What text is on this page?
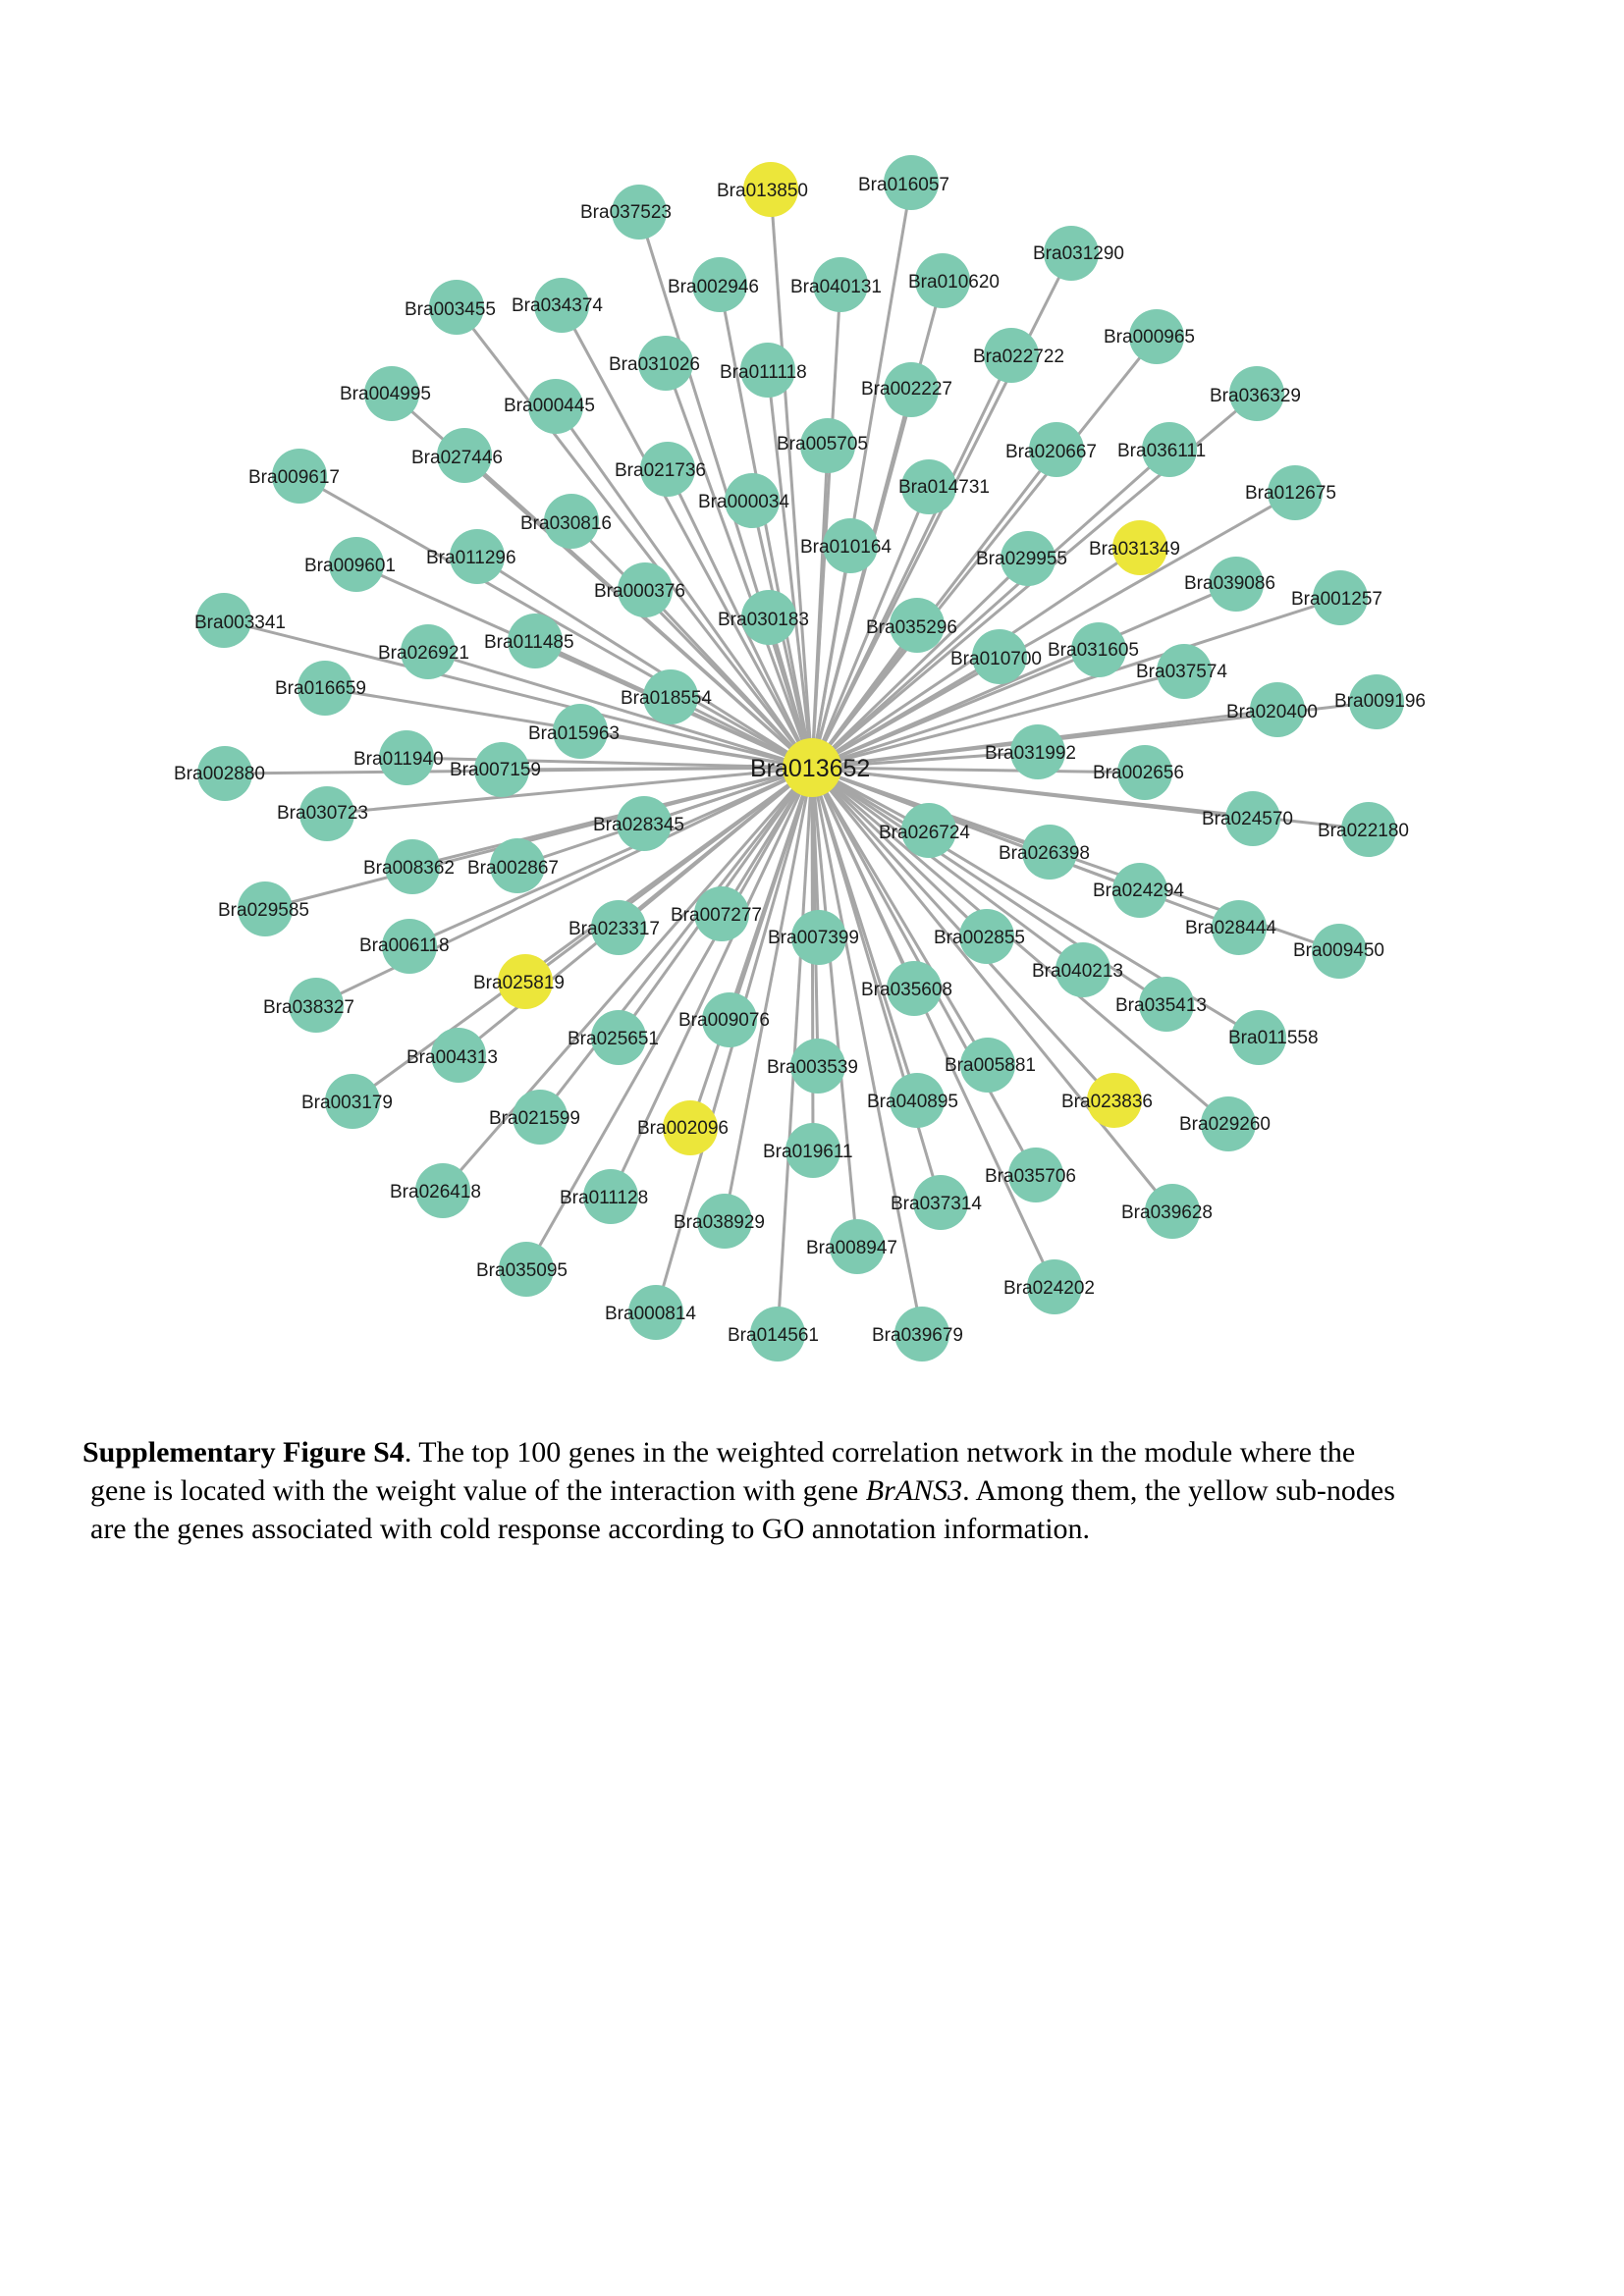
Bra013850	Bra016057
Bra037523
Bra031290
Bra002946 Bra040131 Bra010620
Bra003455 Bra034374
Bra000965
Bra022722
Bra031026 Bra011118
Bra004995	Bra036329
Bra000445
Bra002227
Bra005705
Bra027446	Bra020667 Bra036111
Bra009617	Bra021736
Bra012675
Bra014731
Bra000034
Bra030816
Bra031349
Bra010164
Bra011296	Bra029955
Bra009601
Bra039086
Bra001257
Bra000376
Bra003341	Bra030183	Bra035296
Bra011485	Bra031605
Bra026921	Bra010700
Bra037574
Bra016659	Bra018554	Bra009196
Bra020400
Bra015963
Bra031992
Bra011940
Bra007159
Bra002880	Bra002656
Bra030723	Bra024570
Bra028345	Bra022180
Bra026724
Bra008362 Bra002867
Bra026398
Bra029585
Bra024294
Bra007277
Bra023317	Bra028444
Bra007399
Bra006118	Bra002855
Bra009450
Bra040213
Bra025819	Bra035608
Bra038327	Bra035413
Bra009076
Bra025651	Bra011558
Bra004313	Bra003539	Bra005881
Bra003179	Bra040895	Bra023836
Bra021599	Bra002096	Bra029260
Bra019611
Bra035706
Bra026418	Bra011128	Bra037314	Bra039628
Bra038929
Bra008947
Bra035095
Bra024202
Bra000814
Bra014561	Bra039679
Bra013652
Supplementary Figure S4. The top 100 genes in the weighted correlation network in the module where the
gene is located with the weight value of the interaction with gene BrANS3. Among them, the yellow sub-nodes
are the genes associated with cold response according to GO annotation information.
